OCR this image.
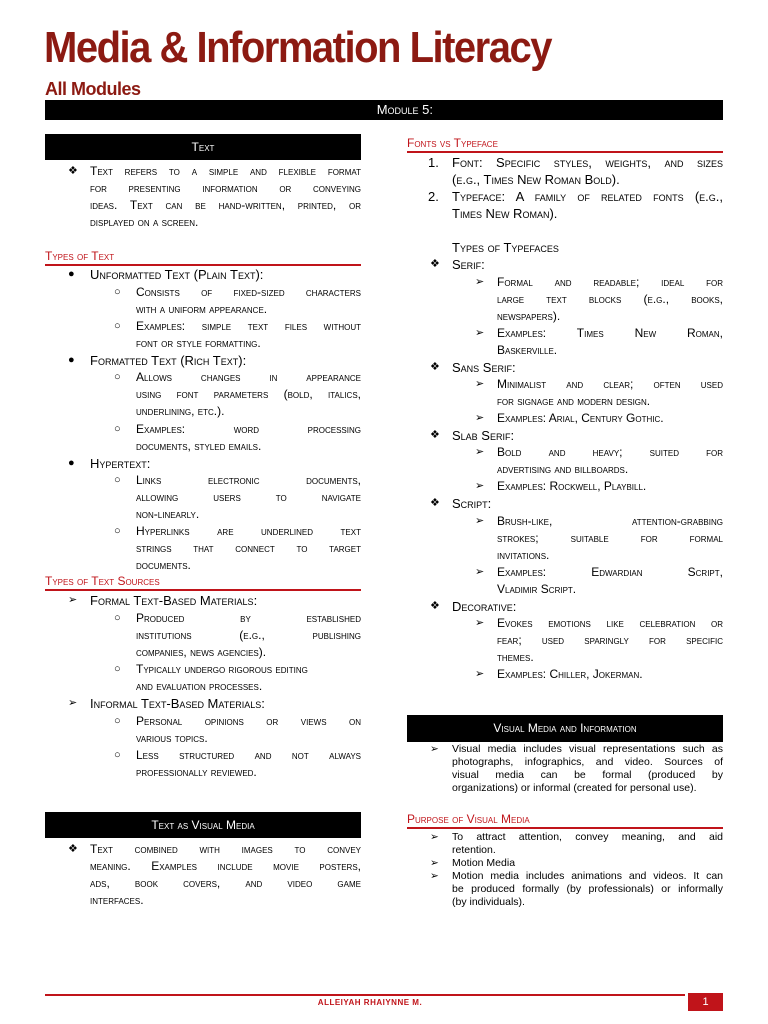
Media & Information Literacy
All Modules
Module 5:
Text
❖ Text refers to a simple and flexible format
for presenting information or conveying
ideas. Text can be hand-written, printed, or
displayed on a screen.
Types of Text
● Unformatted Text (Plain Text):
○ Consists of fixed-sized characters
with a uniform appearance.
○ Examples: simple text files without
font or style formatting.
● Formatted Text (Rich Text):
○ Allows changes in appearance
using font parameters (bold, italics,
underlining, etc.).
○ Examples: word processing
documents, styled emails.
● Hypertext:
○ Links electronic documents,
allowing users to navigate
non-linearly.
○ Hyperlinks are underlined text
strings that connect to target
documents.
Types of Text Sources
➢ Formal Text-Based Materials:
○ Produced by established
institutions (e.g., publishing
companies, news agencies).
○ Typically undergo rigorous editing
and evaluation processes.
➢ Informal Text-Based Materials:
○ Personal opinions or views on
various topics.
○ Less structured and not always
professionally reviewed.
Text as Visual Media
❖ Text combined with images to convey
meaning. Examples include movie posters,
ads, book covers, and video game
interfaces.
Fonts vs Typeface
1. Font: Specific styles, weights, and sizes
(e.g., Times New Roman Bold).
2. Typeface: A family of related fonts (e.g.,
Times New Roman).
Types of Typefaces
❖ Serif:
➢ Formal and readable; ideal for
large text blocks (e.g., books,
newspapers).
➢ Examples: Times New Roman,
Baskerville.
❖ Sans Serif:
➢ Minimalist and clear; often used
for signage and modern design.
➢ Examples: Arial, Century Gothic.
❖ Slab Serif:
➢ Bold and heavy; suited for
advertising and billboards.
➢ Examples: Rockwell, Playbill.
❖ Script:
➢ Brush-like, attention-grabbing
strokes; suitable for formal
invitations.
➢ Examples: Edwardian Script,
Vladimir Script.
❖ Decorative:
➢ Evokes emotions like celebration or
fear; used sparingly for specific
themes.
➢ Examples: Chiller, Jokerman.
Visual Media and Information
➢ Visual media includes visual representations such as
photographs, infographics, and video. Sources of
visual media can be formal (produced by
organizations) or informal (created for personal use).
Purpose of Visual Media
➢ To attract attention, convey meaning, and aid
retention.
➢ Motion Media
➢ Motion media includes animations and videos. It can
be produced formally (by professionals) or informally
(by individuals).
ALLEIYAH RHAIYNNE M.	1
